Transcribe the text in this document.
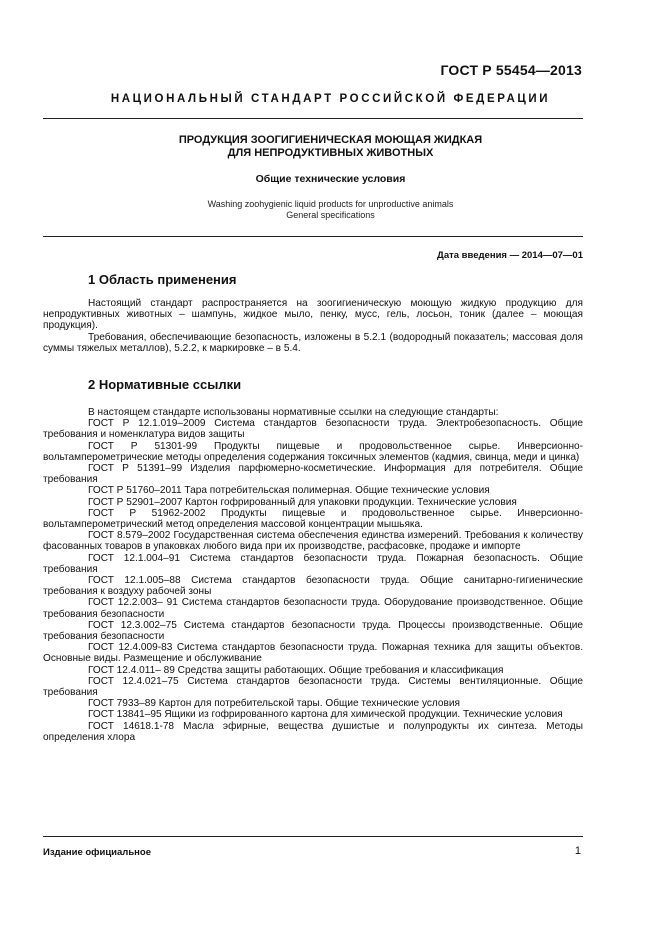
ГОСТ Р 55454—2013
НАЦИОНАЛЬНЫЙ СТАНДАРТ РОССИЙСКОЙ ФЕДЕРАЦИИ
ПРОДУКЦИЯ ЗООГИГИЕНИЧЕСКАЯ МОЮЩАЯ ЖИДКАЯ
ДЛЯ НЕПРОДУКТИВНЫХ ЖИВОТНЫХ
Общие технические условия
Washing zoohygienic liquid products for unproductive animals
General specifications
Дата введения — 2014—07—01
1 Область применения

Настоящий стандарт распространяется на зоогигиеническую моющую жидкую продукцию для непродуктивных животных – шампунь, жидкое мыло, пенку, мусс, гель, лосьон, тоник (далее – моющая продукция).

Требования, обеспечивающие безопасность, изложены в 5.2.1 (водородный показатель; массовая доля суммы тяжелых металлов), 5.2.2, к маркировке – в 5.4.

2 Нормативные ссылки

В настоящем стандарте использованы нормативные ссылки на следующие стандарты:

ГОСТ Р 12.1.019–2009 Система стандартов безопасности труда. Электробезопасность. Общие требования и номенклатура видов защиты

ГОСТ Р 51301-99 Продукты пищевые и продовольственное сырье. Инверсионно-вольтамперометрические методы определения содержания токсичных элементов (кадмия, свинца, меди и цинка)

ГОСТ Р 51391–99 Изделия парфюмерно-косметические. Информация для потребителя. Общие требования

ГОСТ Р 51760–2011 Тара потребительская полимерная. Общие технические условия

ГОСТ Р 52901–2007 Картон гофрированный для упаковки продукции. Технические условия

ГОСТ Р 51962-2002 Продукты пищевые и продовольственное сырье. Инверсионно-вольтамперометрический метод определения массовой концентрации мышьяка.

ГОСТ 8.579–2002 Государственная система обеспечения единства измерений. Требования к количеству фасованных товаров в упаковках любого вида при их производстве, расфасовке, продаже и импорте

ГОСТ 12.1.004–91 Система стандартов безопасности труда. Пожарная безопасность. Общие требования

ГОСТ 12.1.005–88 Система стандартов безопасности труда. Общие санитарно-гигиенические требования к воздуху рабочей зоны

ГОСТ 12.2.003– 91 Система стандартов безопасности труда. Оборудование производственное. Общие требования безопасности

ГОСТ 12.3.002–75 Система стандартов безопасности труда. Процессы производственные. Общие требования безопасности

ГОСТ 12.4.009-83 Система стандартов безопасности труда. Пожарная техника для защиты объектов. Основные виды. Размещение и обслуживание

ГОСТ 12.4.011– 89 Средства защиты работающих. Общие требования и классификация

ГОСТ 12.4.021–75 Система стандартов безопасности труда. Системы вентиляционные. Общие требования

ГОСТ 7933–89 Картон для потребительской тары. Общие технические условия

ГОСТ 13841–95 Ящики из гофрированного картона для химической продукции. Технические условия

ГОСТ 14618.1-78 Масла эфирные, вещества душистые и полупродукты их синтеза. Методы определения хлора

Издание официальное	1
